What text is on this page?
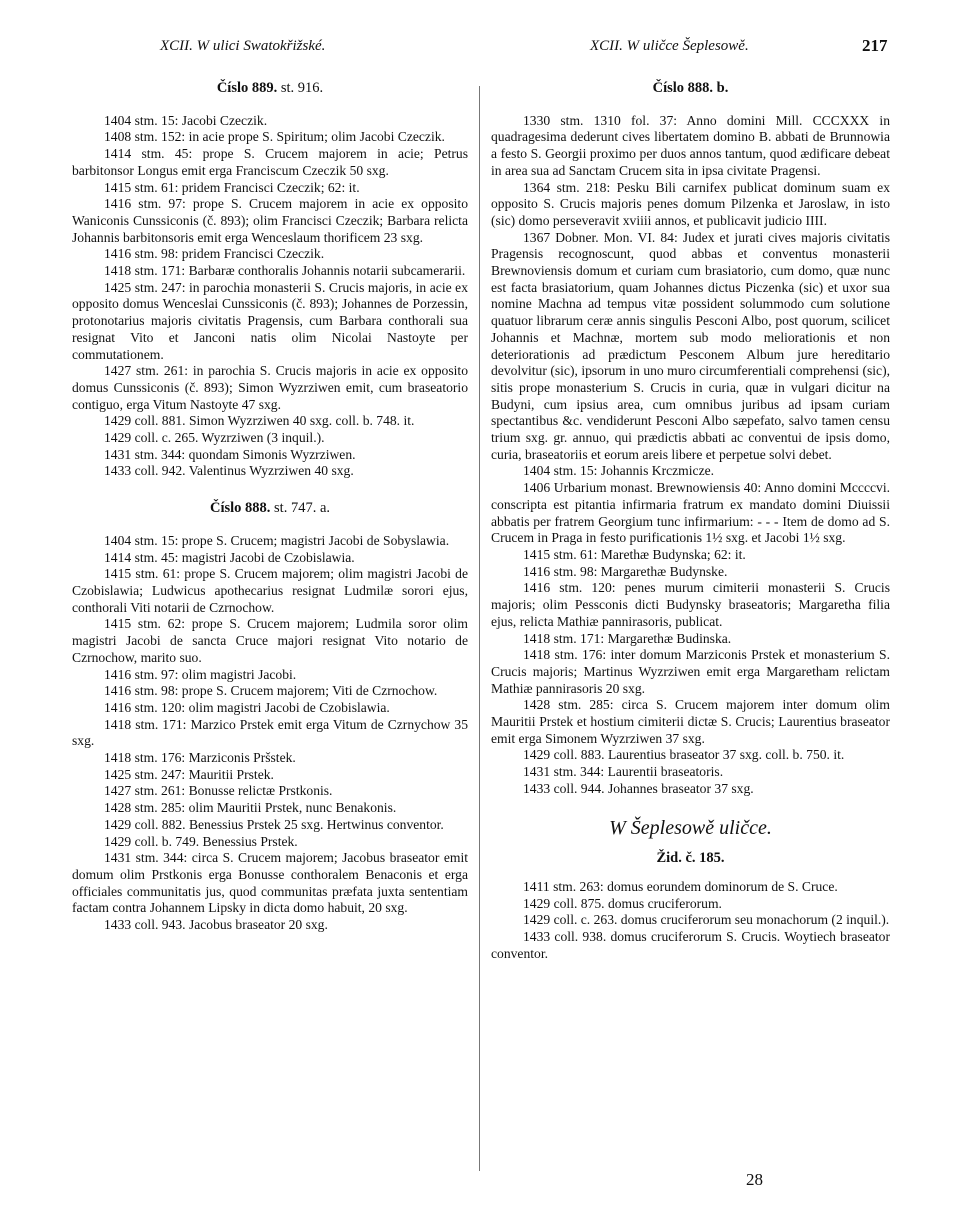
XCII. W ulici Swatokřižské.	XCII. W uličce Šeplesowě.	217
Číslo 889. st. 916.

1404 stm. 15: Jacobi Czeczik.

1408 stm. 152: in acie prope S. Spiritum; olim Jacobi Czeczik.

1414 stm. 45: prope S. Crucem majorem in acie; Petrus barbitonsor Longus emit erga Franciscum Czeczik 50 sxg.

1415 stm. 61: pridem Francisci Czeczik; 62: it.

1416 stm. 97: prope S. Crucem majorem in acie ex opposito Waniconis Cunssiconis (č. 893); olim Francisci Czeczik; Barbara relicta Johannis barbitonsoris emit erga Wenceslaum thorificem 23 sxg.

1416 stm. 98: pridem Francisci Czeczik.

1418 stm. 171: Barbaræ conthoralis Johannis notarii subcamerarii.

1425 stm. 247: in parochia monasterii S. Crucis majoris, in acie ex opposito domus Wenceslai Cunssiconis (č. 893); Johannes de Porzessin, protonotarius majoris civitatis Pragensis, cum Barbara conthorali sua resignat Vito et Janconi natis olim Nicolai Nastoyte per commutationem.

1427 stm. 261: in parochia S. Crucis majoris in acie ex opposito domus Cunssiconis (č. 893); Simon Wyzrziwen emit, cum braseatorio contiguo, erga Vitum Nastoyte 47 sxg.

1429 coll. 881. Simon Wyzrziwen 40 sxg. coll. b. 748. it.

1429 coll. c. 265. Wyzrziwen (3 inquil.).

1431 stm. 344: quondam Simonis Wyzrziwen.

1433 coll. 942. Valentinus Wyzrziwen 40 sxg.

Číslo 888. st. 747. a.

1404 stm. 15: prope S. Crucem; magistri Jacobi de Sobyslawia.

1414 stm. 45: magistri Jacobi de Czobislawia.

1415 stm. 61: prope S. Crucem majorem; olim magistri Jacobi de Czobislawia; Ludwicus apothecarius resignat Ludmilæ sorori ejus, conthorali Viti notarii de Czrnochow.

1415 stm. 62: prope S. Crucem majorem; Ludmila soror olim magistri Jacobi de sancta Cruce majori resignat Vito notario de Czrnochow, marito suo.

1416 stm. 97: olim magistri Jacobi.

1416 stm. 98: prope S. Crucem majorem; Viti de Czrnochow.

1416 stm. 120: olim magistri Jacobi de Czobislawia.

1418 stm. 171: Marzico Prstek emit erga Vitum de Czrnychow 35 sxg.

1418 stm. 176: Marziconis Pršstek.

1425 stm. 247: Mauritii Prstek.

1427 stm. 261: Bonusse relictæ Prstkonis.

1428 stm. 285: olim Mauritii Prstek, nunc Benakonis.

1429 coll. 882. Benessius Prstek 25 sxg. Hertwinus conventor.

1429 coll. b. 749. Benessius Prstek.

1431 stm. 344: circa S. Crucem majorem; Jacobus braseator emit domum olim Prstkonis erga Bonusse conthoralem Benaconis et erga officiales communitatis jus, quod communitas præfata juxta sententiam factam contra Johannem Lipsky in dicta domo habuit, 20 sxg.

1433 coll. 943. Jacobus braseator 20 sxg.

Číslo 888. b.

1330 stm. 1310 fol. 37: Anno domini Mill. CCCXXX in quadragesima dederunt cives libertatem domino B. abbati de Brunnowia a festo S. Georgii proximo per duos annos tantum, quod ædificare debeat in area sua ad Sanctam Crucem sita in ipsa civitate Pragensi.

1364 stm. 218: Pesku Bili carnifex publicat dominum suam ex opposito S. Crucis majoris penes domum Pilzenka et Jaroslaw, in isto (sic) domo perseveravit xviiii annos, et publicavit judicio IIII.

1367 Dobner. Mon. VI. 84: Judex et jurati cives majoris civitatis Pragensis recognoscunt, quod abbas et conventus monasterii Brewnoviensis domum et curiam cum brasiatorio, cum domo, quæ nunc est facta brasiatorium, quam Johannes dictus Piczenka (sic) et uxor sua nomine Machna ad tempus vitæ possident solummodo cum solutione quatuor librarum ceræ annis singulis Pesconi Albo, post quorum, scilicet Johannis et Machnæ, mortem sub modo meliorationis et non deteriorationis ad prædictum Pesconem Album jure hereditario devolvitur (sic), ipsorum in uno muro circumferentiali comprehensi (sic), sitis prope monasterium S. Crucis in curia, quæ in vulgari dicitur na Budyni, cum ipsius area, cum omnibus juribus ad ipsam curiam spectantibus &c. vendiderunt Pesconi Albo sæpefato, salvo tamen censu trium sxg. gr. annuo, qui prædictis abbati ac conventui de ipsis domo, curia, braseatoriis et eorum areis libere et perpetue solvi debet.

1404 stm. 15: Johannis Krczmicze.

1406 Urbarium monast. Brewnowiensis 40: Anno domini Mccccvi. conscripta est pitantia infirmaria fratrum ex mandato domini Diuissii abbatis per fratrem Georgium tunc infirmarium: - - - Item de domo ad S. Crucem in Praga in festo purificationis 1½ sxg. et Jacobi 1½ sxg.

1415 stm. 61: Marethæ Budynska; 62: it.

1416 stm. 98: Margarethæ Budynske.

1416 stm. 120: penes murum cimiterii monasterii S. Crucis majoris; olim Pessconis dicti Budynsky braseatoris; Margaretha filia ejus, relicta Mathiæ pannirasoris, publicat.

1418 stm. 171: Margarethæ Budinska.

1418 stm. 176: inter domum Marziconis Prstek et monasterium S. Crucis majoris; Martinus Wyzrziwen emit erga Margaretham relictam Mathiæ pannirasoris 20 sxg.

1428 stm. 285: circa S. Crucem majorem inter domum olim Mauritii Prstek et hostium cimiterii dictæ S. Crucis; Laurentius braseator emit erga Simonem Wyzrziwen 37 sxg.

1429 coll. 883. Laurentius braseator 37 sxg. coll. b. 750. it.

1431 stm. 344: Laurentii braseatoris.

1433 coll. 944. Johannes braseator 37 sxg.

W Šeplesowě uličce.
Žid. č. 185.

1411 stm. 263: domus eorundem dominorum de S. Cruce.

1429 coll. 875. domus cruciferorum.

1429 coll. c. 263. domus cruciferorum seu monachorum (2 inquil.).

1433 coll. 938. domus cruciferorum S. Crucis. Woytiech braseator conventor.

28
